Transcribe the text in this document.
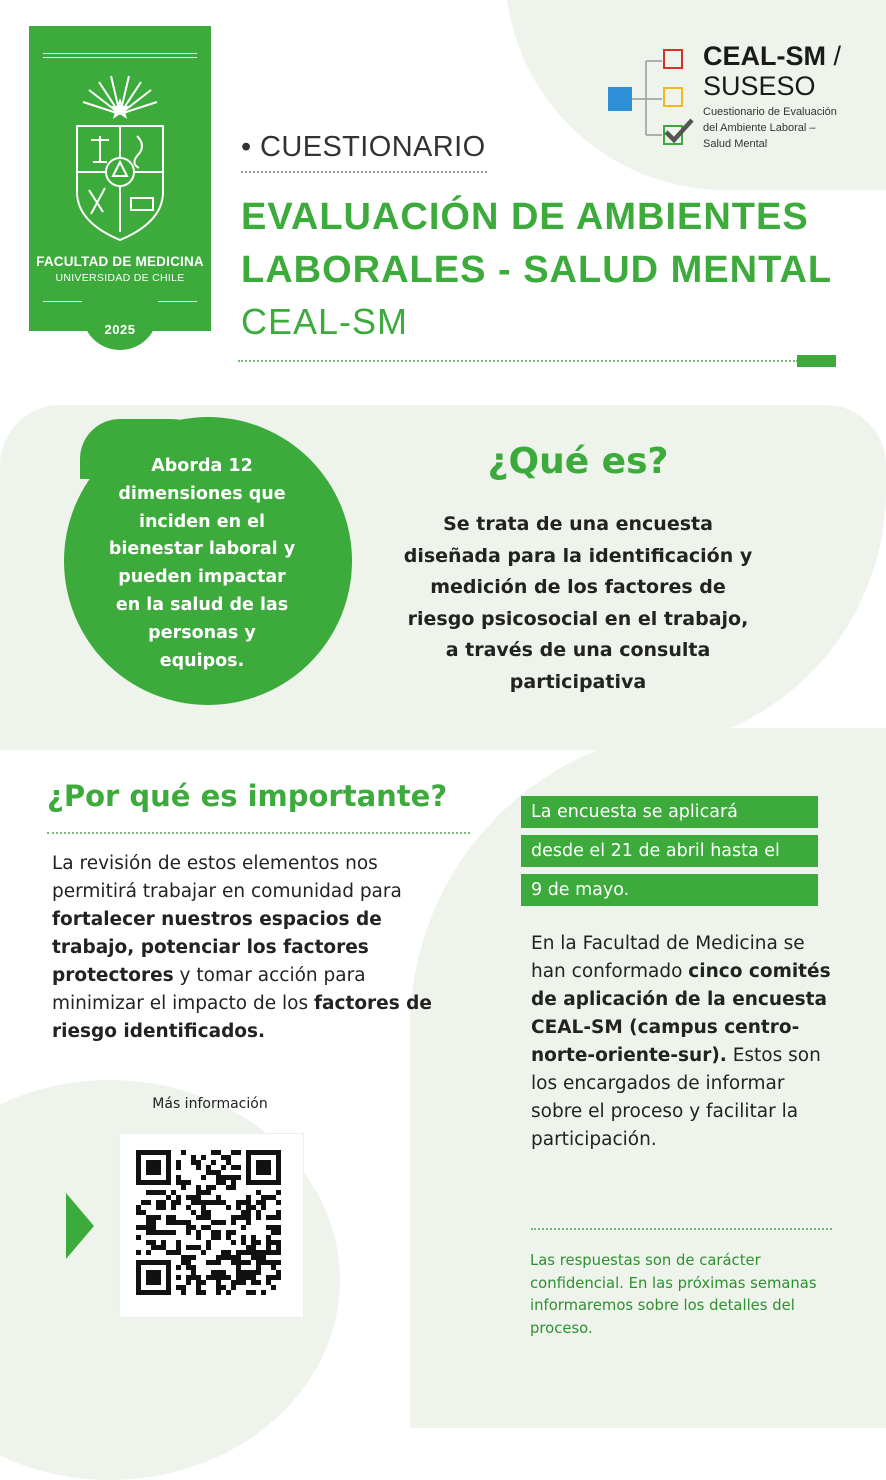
FACULTAD DE MEDICINA
UNIVERSIDAD DE CHILE
2025
• CUESTIONARIO
EVALUACIÓN DE AMBIENTES
LABORALES - SALUD MENTAL
CEAL-SM
CEAL-SM /
SUSESO
Cuestionario de Evaluación
del Ambiente Laboral –
Salud Mental
Aborda 12
dimensiones que
inciden en el
bienestar laboral y
pueden impactar
en la salud de las
personas y
equipos.
¿Qué es?
Se trata de una encuesta
diseñada para la identificación y
medición de los factores de
riesgo psicosocial en el trabajo,
a través de una consulta
participativa
¿Por qué es importante?
La revisión de estos elementos nos permitirá trabajar en comunidad para fortalecer nuestros espacios de trabajo, potenciar los factores protectores y tomar acción para minimizar el impacto de los factores de riesgo identificados.
La encuesta se aplicará
desde el 21 de abril hasta el
9 de mayo.
En la Facultad de Medicina se han conformado cinco comités de aplicación de la encuesta CEAL-SM (campus centro-norte-oriente-sur). Estos son los encargados de informar sobre el proceso y facilitar la participación.
Las respuestas son de carácter confidencial. En las próximas semanas informaremos sobre los detalles del proceso.
Más información
